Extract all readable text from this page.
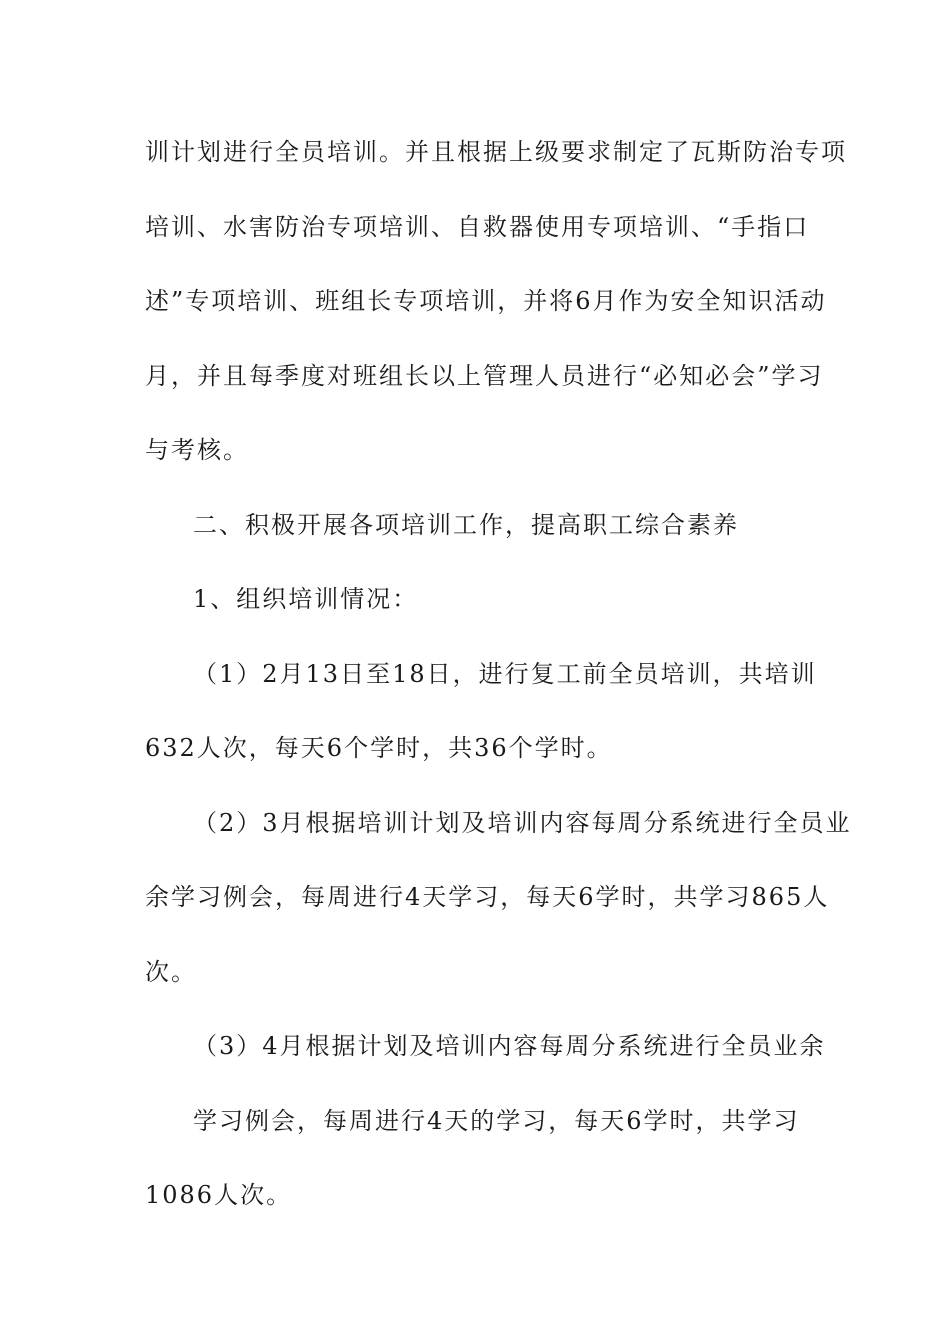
训计划进行全员培训。并且根据上级要求制定了瓦斯防治专项
培训、水害防治专项培训、自救器使用专项培训、“手指口
述”专项培训、班组长专项培训，并将6月作为安全知识活动
月，并且每季度对班组长以上管理人员进行“必知必会”学习
与考核。
二、积极开展各项培训工作，提高职工综合素养
1、组织培训情况：
（1）2月13日至18日，进行复工前全员培训，共培训
632人次，每天6个学时，共36个学时。
（2）3月根据培训计划及培训内容每周分系统进行全员业
余学习例会，每周进行4天学习，每天6学时，共学习865人
次。
（3）4月根据计划及培训内容每周分系统进行全员业余
学习例会，每周进行4天的学习，每天6学时，共学习
1086人次。
